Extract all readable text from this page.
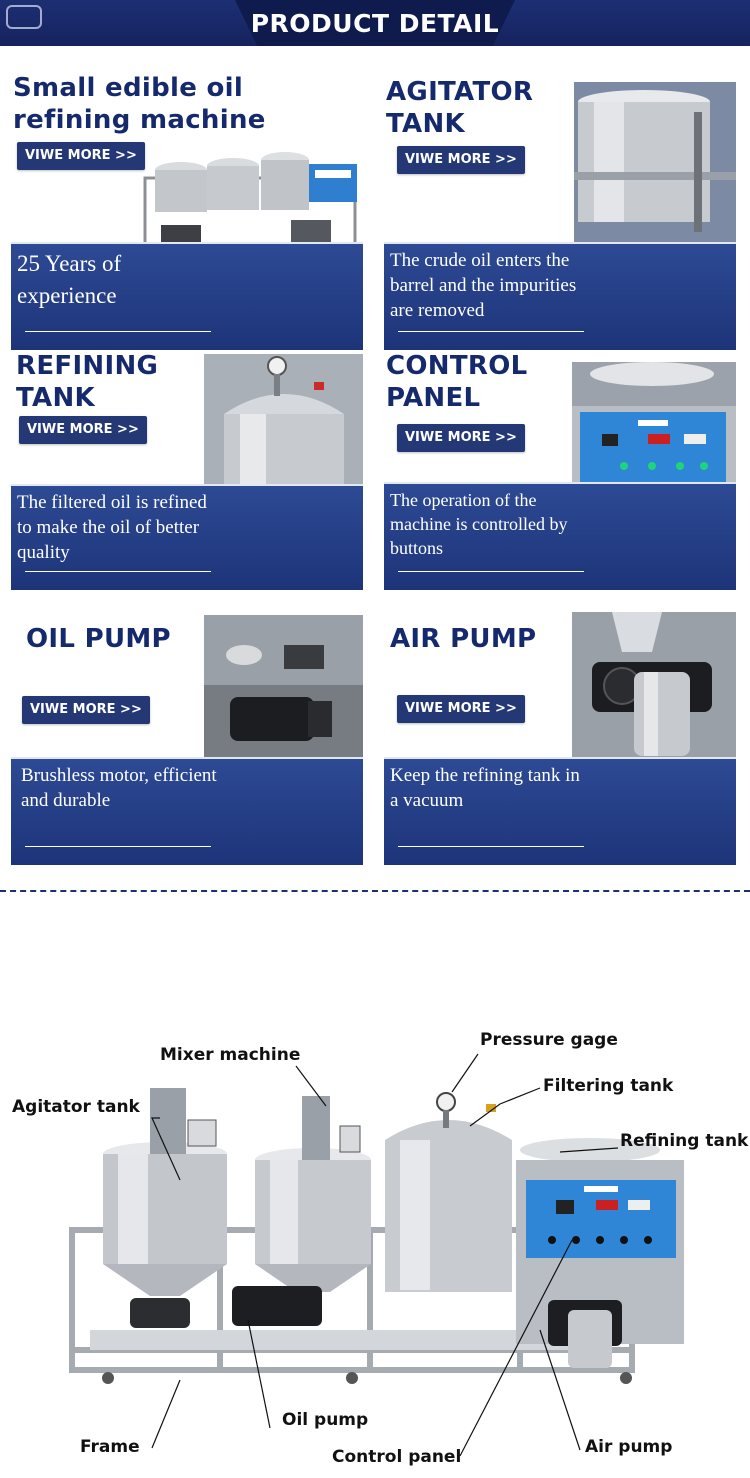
PRODUCT DETAIL
Small edible oil
refining machine
VIWE MORE >>
25 Years of experience
AGITATOR
TANK
VIWE MORE >>
The crude oil enters the barrel and the impurities are removed
REFINING
TANK
VIWE MORE >>
The filtered oil is refined to make the oil of better quality
CONTROL
PANEL
VIWE MORE >>
The operation of the machine is controlled by buttons
OIL PUMP
VIWE MORE >>
Brushless motor, efficient and durable
AIR PUMP
VIWE MORE >>
Keep the refining tank in a vacuum
Mixer machine
Pressure gage
Filtering tank
Agitator tank
Refining tank
Frame
Oil pump
Control panel	Air pump
